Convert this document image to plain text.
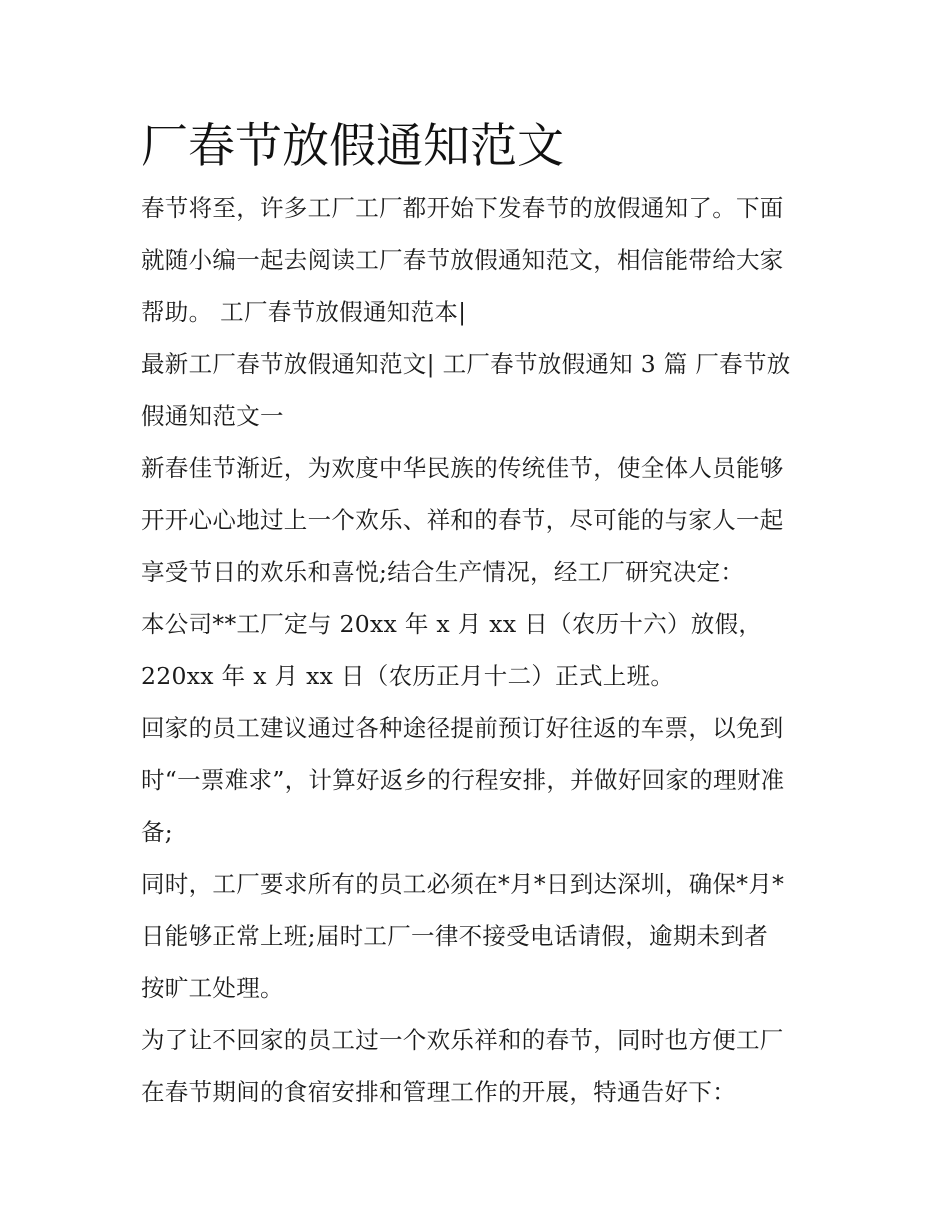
厂春节放假通知范文

春节将至，许多工厂工厂都开始下发春节的放假通知了。下面
就随小编一起去阅读工厂春节放假通知范文，相信能带给大家
帮助。 工厂春节放假通知范本|

最新工厂春节放假通知范文| 工厂春节放假通知 3 篇 厂春节放
假通知范文一

新春佳节渐近，为欢度中华民族的传统佳节，使全体人员能够
开开心心地过上一个欢乐、祥和的春节，尽可能的与家人一起
享受节日的欢乐和喜悦;结合生产情况，经工厂研究决定：

本公司**工厂定与 20xx 年 x 月 xx 日（农历十六）放假，

220xx 年 x 月 xx 日（农历正月十二）正式上班。

回家的员工建议通过各种途径提前预订好往返的车票，以免到
时“一票难求”，计算好返乡的行程安排，并做好回家的理财准
备;

同时，工厂要求所有的员工必须在*月*日到达深圳，确保*月*
日能够正常上班;届时工厂一律不接受电话请假，逾期未到者
按旷工处理。

为了让不回家的员工过一个欢乐祥和的春节，同时也方便工厂
在春节期间的食宿安排和管理工作的开展，特通告好下：
